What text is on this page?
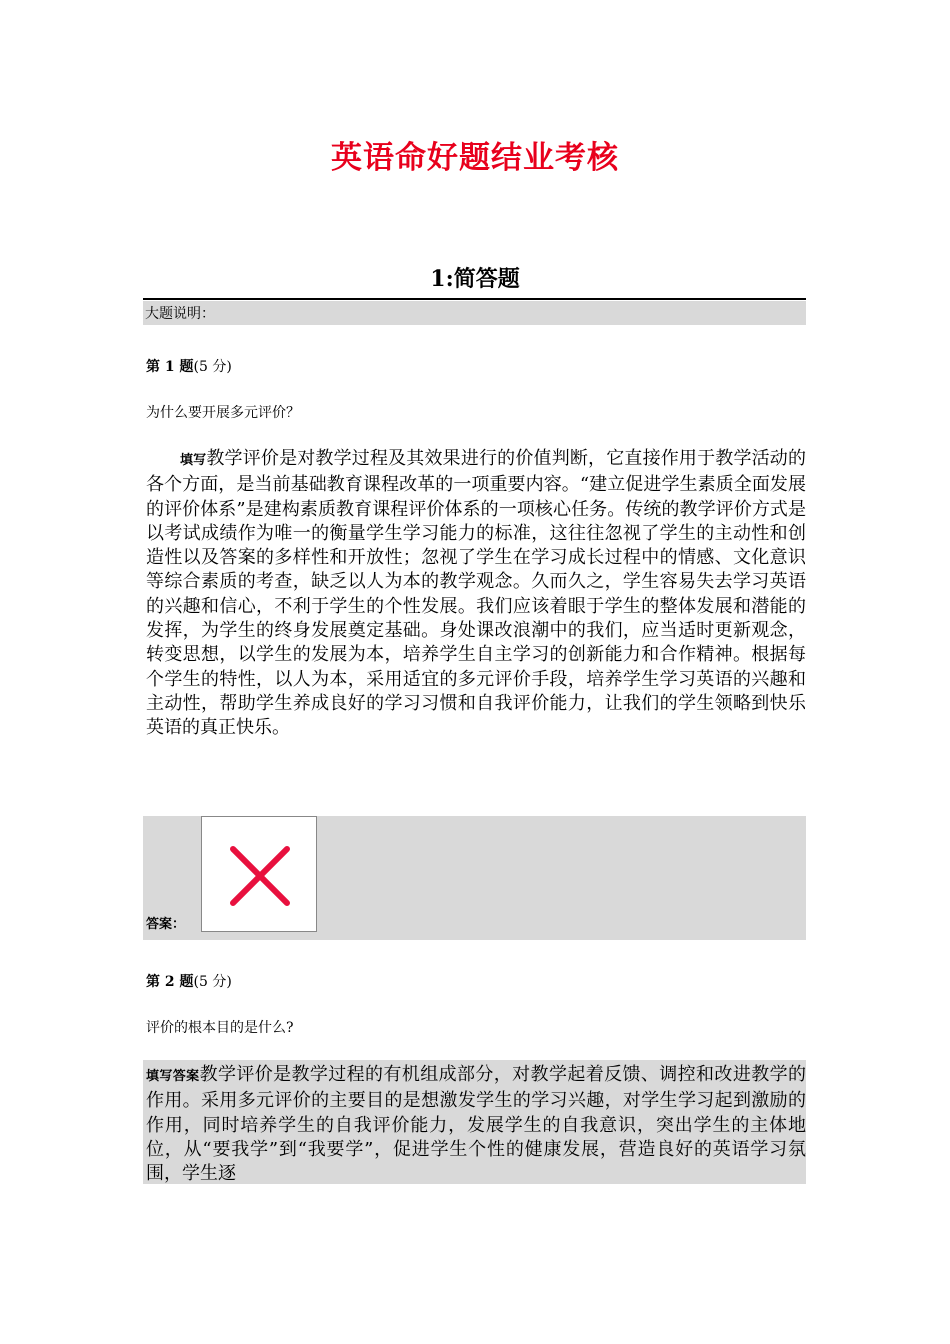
英语命好题结业考核
1:简答题
大题说明：
第 1 题(5 分)
为什么要开展多元评价？
填写教学评价是对教学过程及其效果进行的价值判断，它直接作用于教学活动的各个方面，是当前基础教育课程改革的一项重要内容。“建立促进学生素质全面发展的评价体系”是建构素质教育课程评价体系的一项核心任务。传统的教学评价方式是以考试成绩作为唯一的衡量学生学习能力的标准，这往往忽视了学生的主动性和创造性以及答案的多样性和开放性；忽视了学生在学习成长过程中的情感、文化意识等综合素质的考查，缺乏以人为本的教学观念。久而久之，学生容易失去学习英语的兴趣和信心，不利于学生的个性发展。我们应该着眼于学生的整体发展和潜能的发挥，为学生的终身发展奠定基础。身处课改浪潮中的我们，应当适时更新观念，转变思想，以学生的发展为本，培养学生自主学习的创新能力和合作精神。根据每个学生的特性，以人为本，采用适宜的多元评价手段，培养学生学习英语的兴趣和主动性，帮助学生养成良好的学习习惯和自我评价能力，让我们的学生领略到快乐英语的真正快乐。
答案：
第 2 题(5 分)
评价的根本目的是什么?
填写答案教学评价是教学过程的有机组成部分，对教学起着反馈、调控和改进教学的作用。采用多元评价的主要目的是想激发学生的学习兴趣，对学生学习起到激励的作用，同时培养学生的自我评价能力，发展学生的自我意识，突出学生的主体地位，从“要我学”到“我要学”，促进学生个性的健康发展，营造良好的英语学习氛围，学生逐
